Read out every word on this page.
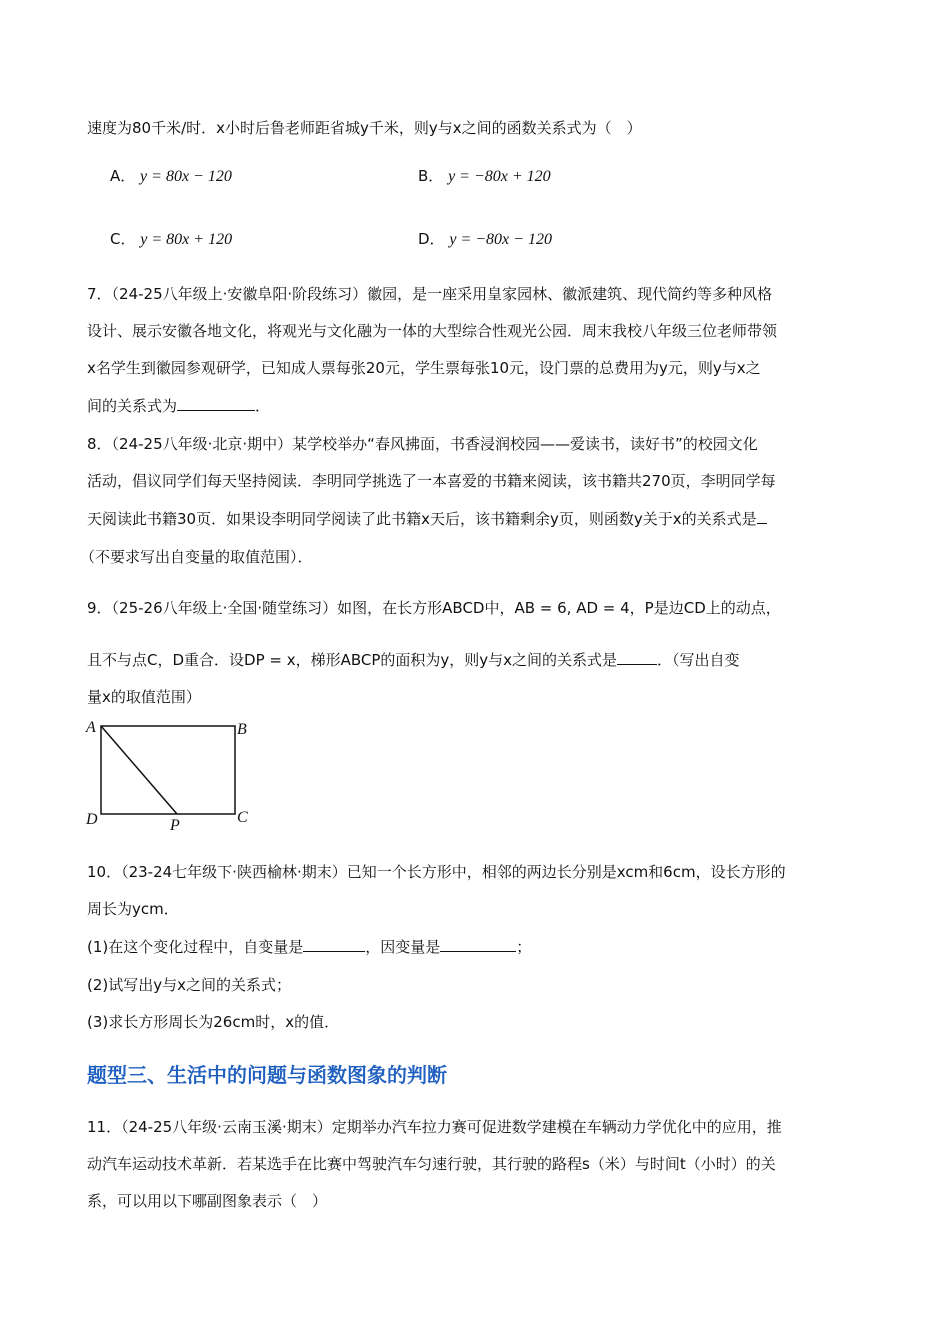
速度为80千米/时．x小时后鲁老师距省城y千米，则y与x之间的函数关系式为（　）
A． y = 80x − 120	B． y = −80x + 120
C． y = 80x + 120	D． y = −80x − 120
7．（24-25八年级上·安徽阜阳·阶段练习）徽园，是一座采用皇家园林、徽派建筑、现代简约等多种风格
设计、展示安徽各地文化，将观光与文化融为一体的大型综合性观光公园．周末我校八年级三位老师带领
x名学生到徽园参观研学，已知成人票每张20元，学生票每张10元，设门票的总费用为y元，则y与x之
间的关系式为	．
8．（24-25八年级·北京·期中）某学校举办“春风拂面，书香浸润校园——爱读书，读好书”的校园文化
活动，倡议同学们每天坚持阅读．李明同学挑选了一本喜爱的书籍来阅读，该书籍共270页，李明同学每
天阅读此书籍30页．如果设李明同学阅读了此书籍x天后，该书籍剩余y页，则函数y关于x的关系式是
（不要求写出自变量的取值范围）．
9．（25-26八年级上·全国·随堂练习）如图，在长方形ABCD中，AB = 6, AD = 4，P是边CD上的动点，
且不与点C，D重合．设DP = x，梯形ABCP的面积为y，则y与x之间的关系式是	．（写出自变
量x的取值范围）
A	B
C
D	P
10．（23-24七年级下·陕西榆林·期末）已知一个长方形中，相邻的两边长分别是xcm和6cm，设长方形的
周长为ycm．
(1)在这个变化过程中，自变量是	，因变量是	；
(2)试写出y与x之间的关系式；
(3)求长方形周长为26cm时，x的值．
题型三、生活中的问题与函数图象的判断
11．（24-25八年级·云南玉溪·期末）定期举办汽车拉力赛可促进数学建模在车辆动力学优化中的应用，推
动汽车运动技术革新．若某选手在比赛中驾驶汽车匀速行驶，其行驶的路程s（米）与时间t（小时）的关
系，可以用以下哪副图象表示（　）
